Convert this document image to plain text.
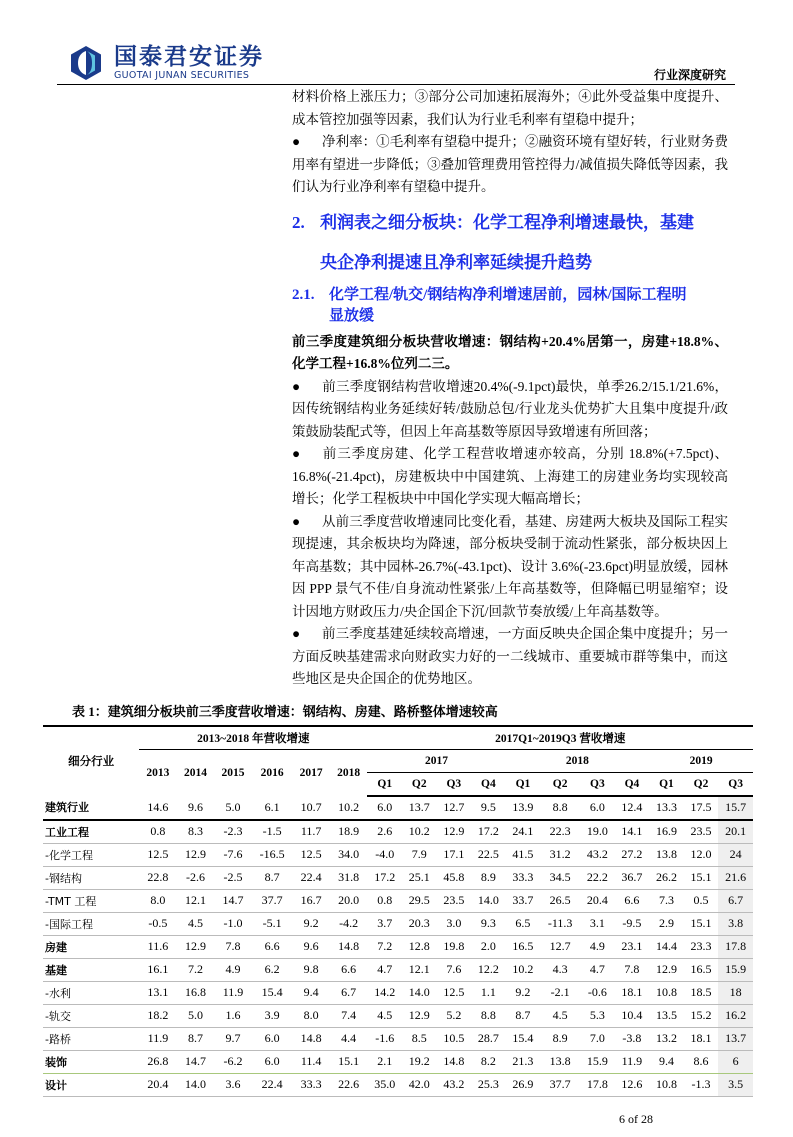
国泰君安证券
GUOTAI JUNAN SECURITIES	行业深度研究

材料价格上涨压力；③部分公司加速拓展海外；④此外受益集中度提升、成本管控加强等因素，我们认为行业毛利率有望稳中提升；

● 净利率：①毛利率有望稳中提升；②融资环境有望好转，行业财务费用率有望进一步降低；③叠加管理费用管控得力/减值损失降低等因素，我们认为行业净利率有望稳中提升。

2. 利润表之细分板块：化学工程净利增速最快，基建
央企净利提速且净利率延续提升趋势
2.1. 化学工程/轨交/钢结构净利增速居前，园林/国际工程明
显放缓

前三季度建筑细分板块营收增速：钢结构+20.4%居第一，房建+18.8%、化学工程+16.8%位列二三。

● 前三季度钢结构营收增速20.4%(-9.1pct)最快，单季26.2/15.1/21.6%，因传统钢结构业务延续好转/鼓励总包/行业龙头优势扩大且集中度提升/政策鼓励装配式等，但因上年高基数等原因导致增速有所回落；

● 前三季度房建、化学工程营收增速亦较高，分别 18.8%(+7.5pct)、16.8%(-21.4pct)，房建板块中中国建筑、上海建工的房建业务均实现较高增长；化学工程板块中中国化学实现大幅高增长；

● 从前三季度营收增速同比变化看，基建、房建两大板块及国际工程实现提速，其余板块均为降速，部分板块受制于流动性紧张，部分板块因上年高基数；其中园林-26.7%(-43.1pct)、设计 3.6%(-23.6pct)明显放缓，园林因 PPP 景气不佳/自身流动性紧张/上年高基数等，但降幅已明显缩窄；设计因地方财政压力/央企国企下沉/回款节奏放缓/上年高基数等。

● 前三季度基建延续较高增速，一方面反映央企国企集中度提升；另一方面反映基建需求向财政实力好的一二线城市、重要城市群等集中，而这些地区是央企国企的优势地区。

表 1：建筑细分板块前三季度营收增速：钢结构、房建、路桥整体增速较高
细分行业	2013~2018 年营收增速						2017Q1~2019Q3 营收增速										
	2013	2014	2015	2016	2017	2018	2017				2018				2019		
							Q1	Q2	Q3	Q4	Q1	Q2	Q3	Q4	Q1	Q2	Q3
建筑行业	14.6	9.6	5.0	6.1	10.7	10.2	6.0	13.7	12.7	9.5	13.9	8.8	6.0	12.4	13.3	17.5	15.7
工业工程	0.8	8.3	-2.3	-1.5	11.7	18.9	2.6	10.2	12.9	17.2	24.1	22.3	19.0	14.1	16.9	23.5	20.1
-化学工程	12.5	12.9	-7.6	-16.5	12.5	34.0	-4.0	7.9	17.1	22.5	41.5	31.2	43.2	27.2	13.8	12.0	24
-钢结构	22.8	-2.6	-2.5	8.7	22.4	31.8	17.2	25.1	45.8	8.9	33.3	34.5	22.2	36.7	26.2	15.1	21.6
-TMT 工程	8.0	12.1	14.7	37.7	16.7	20.0	0.8	29.5	23.5	14.0	33.7	26.5	20.4	6.6	7.3	0.5	6.7
-国际工程	-0.5	4.5	-1.0	-5.1	9.2	-4.2	3.7	20.3	3.0	9.3	6.5	-11.3	3.1	-9.5	2.9	15.1	3.8
房建	11.6	12.9	7.8	6.6	9.6	14.8	7.2	12.8	19.8	2.0	16.5	12.7	4.9	23.1	14.4	23.3	17.8
基建	16.1	7.2	4.9	6.2	9.8	6.6	4.7	12.1	7.6	12.2	10.2	4.3	4.7	7.8	12.9	16.5	15.9
-水利	13.1	16.8	11.9	15.4	9.4	6.7	14.2	14.0	12.5	1.1	9.2	-2.1	-0.6	18.1	10.8	18.5	18
-轨交	18.2	5.0	1.6	3.9	8.0	7.4	4.5	12.9	5.2	8.8	8.7	4.5	5.3	10.4	13.5	15.2	16.2
-路桥	11.9	8.7	9.7	6.0	14.8	4.4	-1.6	8.5	10.5	28.7	15.4	8.9	7.0	-3.8	13.2	18.1	13.7
装饰	26.8	14.7	-6.2	6.0	11.4	15.1	2.1	19.2	14.8	8.2	21.3	13.8	15.9	11.9	9.4	8.6	6
设计	20.4	14.0	3.6	22.4	33.3	22.6	35.0	42.0	43.2	25.3	26.9	37.7	17.8	12.6	10.8	-1.3	3.5
6 of 28
